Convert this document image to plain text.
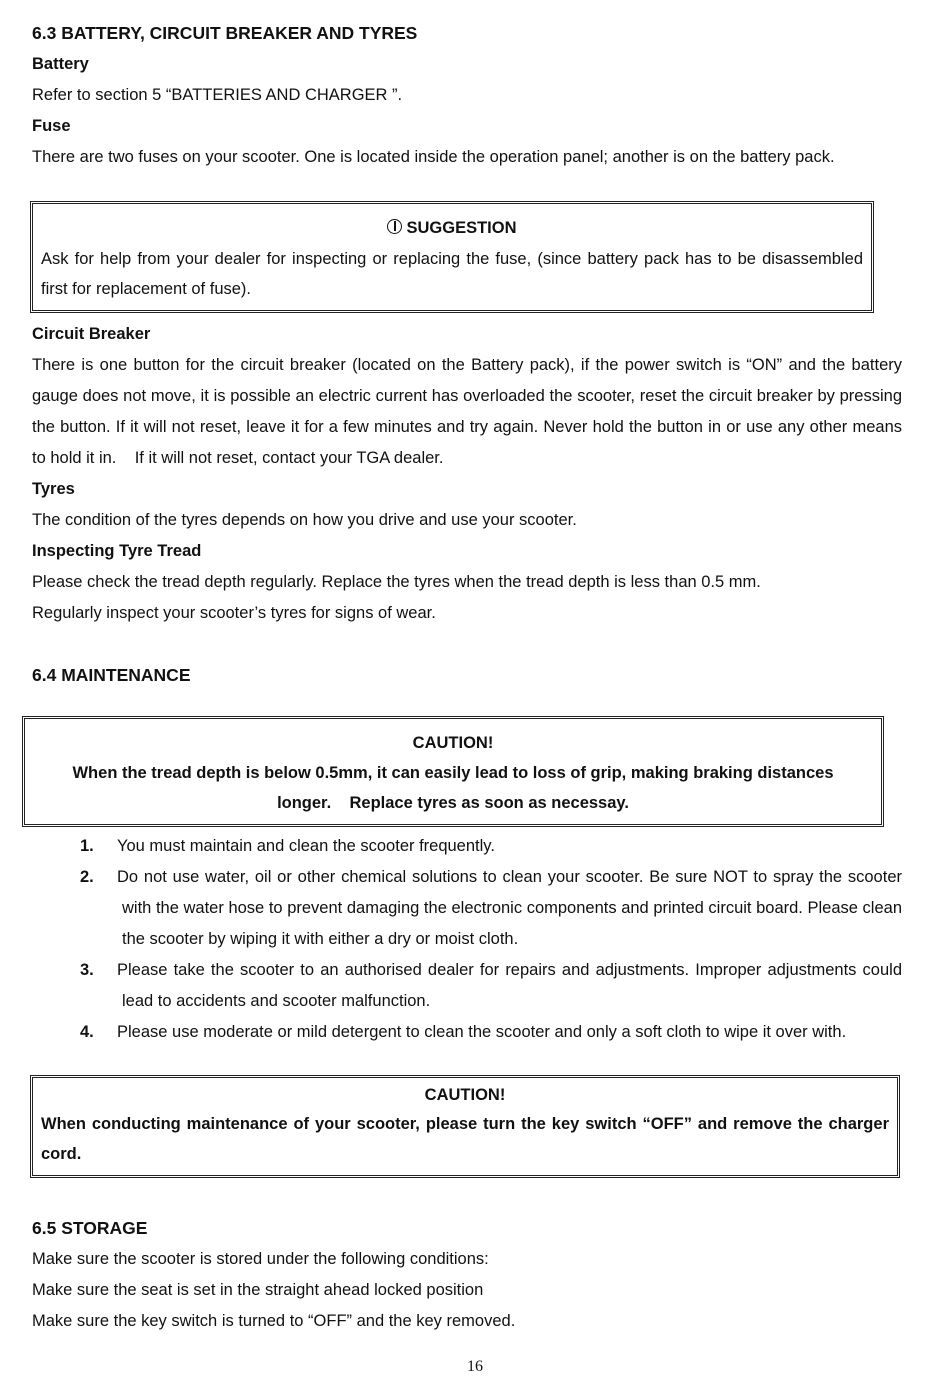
6.3 BATTERY, CIRCUIT BREAKER AND TYRES

Battery

Refer to section 5 “BATTERIES AND CHARGER ”.

Fuse

There are two fuses on your scooter. One is located inside the operation panel; another is on the battery pack.

SUGGESTION

Ask for help from your dealer for inspecting or replacing the fuse, (since battery pack has to be disassembled first for replacement of fuse).

Circuit Breaker

There is one button for the circuit breaker (located on the Battery pack), if the power switch is “ON” and the battery gauge does not move, it is possible an electric current has overloaded the scooter, reset the circuit breaker by pressing the button. If it will not reset, leave it for a few minutes and try again. Never hold the button in or use any other means to hold it in.    If it will not reset, contact your TGA dealer.

Tyres

The condition of the tyres depends on how you drive and use your scooter.

Inspecting Tyre Tread

Please check the tread depth regularly. Replace the tyres when the tread depth is less than 0.5 mm.

Regularly inspect your scooter’s tyres for signs of wear.

6.4 MAINTENANCE

CAUTION!

When the tread depth is below 0.5mm, it can easily lead to loss of grip, making braking distances longer.    Replace tyres as soon as necessay.

1. You must maintain and clean the scooter frequently.
2. Do not use water, oil or other chemical solutions to clean your scooter. Be sure NOT to spray the scooter with the water hose to prevent damaging the electronic components and printed circuit board. Please clean the scooter by wiping it with either a dry or moist cloth.
3. Please take the scooter to an authorised dealer for repairs and adjustments. Improper adjustments could lead to accidents and scooter malfunction.
4. Please use moderate or mild detergent to clean the scooter and only a soft cloth to wipe it over with.

CAUTION!

When conducting maintenance of your scooter, please turn the key switch “OFF” and remove the charger cord.

6.5 STORAGE

Make sure the scooter is stored under the following conditions:

Make sure the seat is set in the straight ahead locked position

Make sure the key switch is turned to “OFF” and the key removed.

16
